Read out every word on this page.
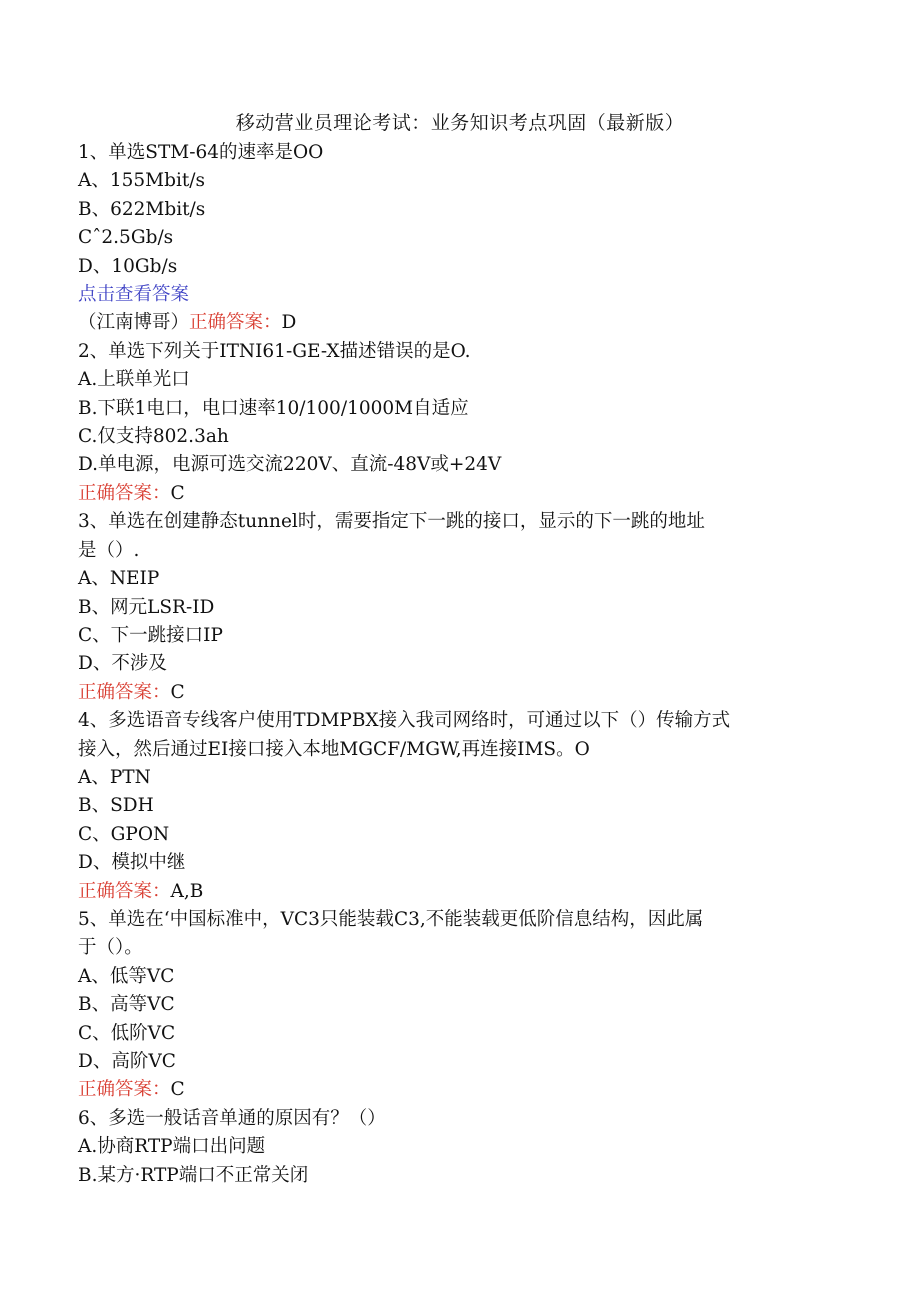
移动营业员理论考试：业务知识考点巩固（最新版）
1、单选STM-64的速率是OO
A、155Mbit/s
B、622Mbit/s
Cˆ2.5Gb/s
D、10Gb/s
点击查看答案
（江南博哥）正确答案：D
2、单选下列关于ITNI61-GE-X描述错误的是O.
A.上联单光口
B.下联1电口，电口速率10/100/1000M自适应
C.仅支持802.3ah
D.单电源，电源可选交流220V、直流-48V或+24V
正确答案：C
3、单选在创建静态tunnel时，需要指定下一跳的接口，显示的下一跳的地址
是（）.
A、NEIP
B、网元LSR-ID
C、下一跳接口IP
D、不涉及
正确答案：C
4、多选语音专线客户使用TDMPBX接入我司网络时，可通过以下（）传输方式
接入，然后通过EI接口接入本地MGCF/MGW,再连接IMS。O
A、PTN
B、SDH
C、GPON
D、模拟中继
正确答案：A,B
5、单选在‘中国标准中，VC3只能装载C3,不能装载更低阶信息结构，因此属
于（）。
A、低等VC
B、高等VC
C、低阶VC
D、高阶VC
正确答案：C
6、多选一般话音单通的原因有？（）
A.协商RTP端口出问题
B.某方·RTP端口不正常关闭
